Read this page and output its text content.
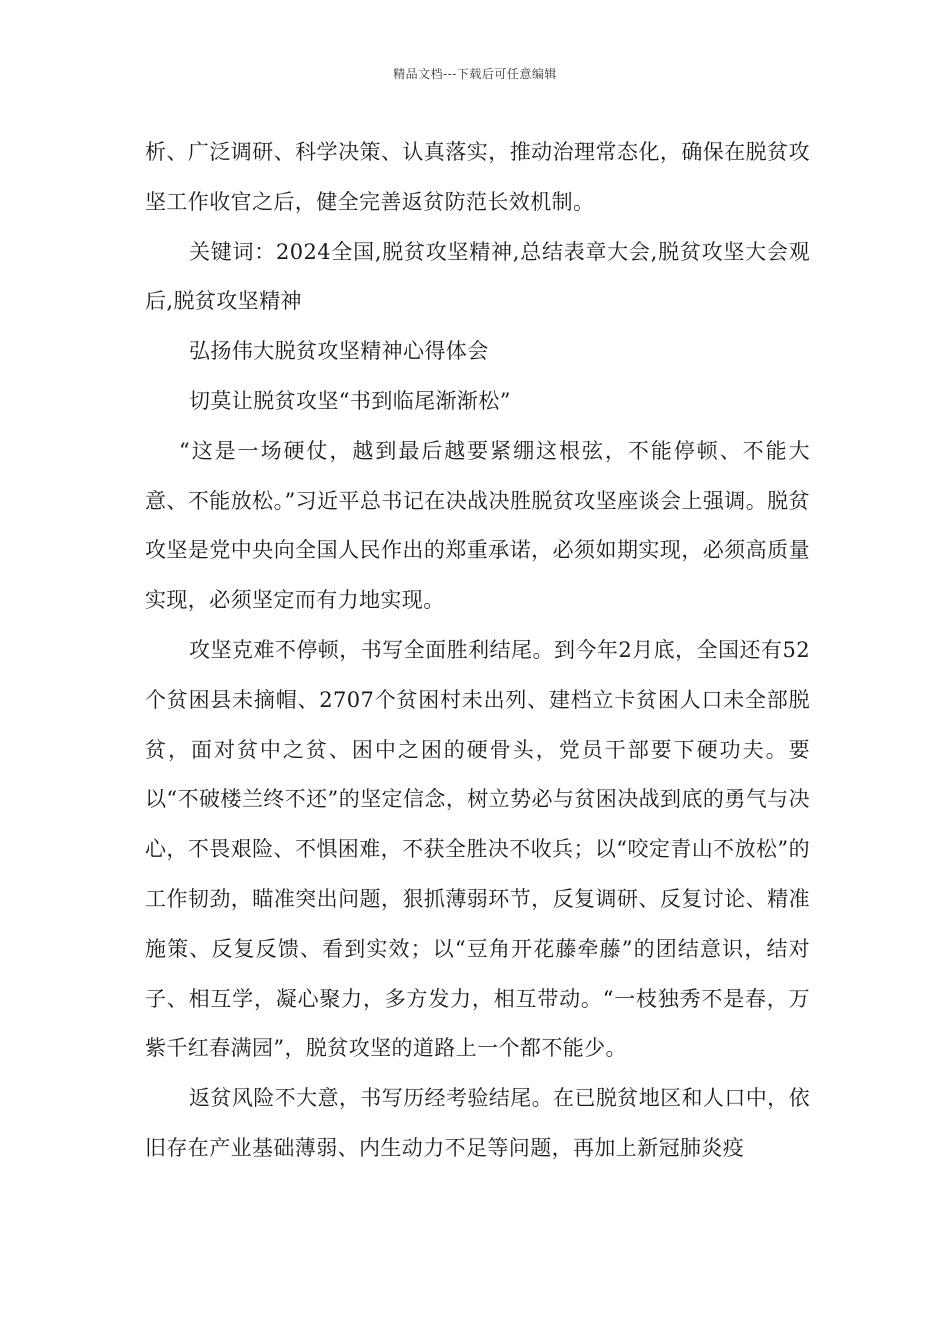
精品文档---下载后可任意编辑

析、广泛调研、科学决策、认真落实，推动治理常态化，确保在脱贫攻坚工作收官之后，健全完善返贫防范长效机制。

关键词：2024全国,脱贫攻坚精神,总结表章大会,脱贫攻坚大会观后,脱贫攻坚精神

弘扬伟大脱贫攻坚精神心得体会

切莫让脱贫攻坚“书到临尾渐渐松”

“这是一场硬仗，越到最后越要紧绷这根弦，不能停顿、不能大意、不能放松。”习近平总书记在决战决胜脱贫攻坚座谈会上强调。脱贫攻坚是党中央向全国人民作出的郑重承诺，必须如期实现，必须高质量实现，必须坚定而有力地实现。

攻坚克难不停顿，书写全面胜利结尾。到今年2月底，全国还有52个贫困县未摘帽、2707个贫困村未出列、建档立卡贫困人口未全部脱贫，面对贫中之贫、困中之困的硬骨头，党员干部要下硬功夫。要以“不破楼兰终不还”的坚定信念，树立势必与贫困决战到底的勇气与决心，不畏艰险、不惧困难，不获全胜决不收兵；以“咬定青山不放松”的工作韧劲，瞄准突出问题，狠抓薄弱环节，反复调研、反复讨论、精准施策、反复反馈、看到实效；以“豆角开花藤牵藤”的团结意识，结对子、相互学，凝心聚力，多方发力，相互带动。“一枝独秀不是春，万紫千红春满园”，脱贫攻坚的道路上一个都不能少。

返贫风险不大意，书写历经考验结尾。在已脱贫地区和人口中，依旧存在产业基础薄弱、内生动力不足等问题，再加上新冠肺炎疫
